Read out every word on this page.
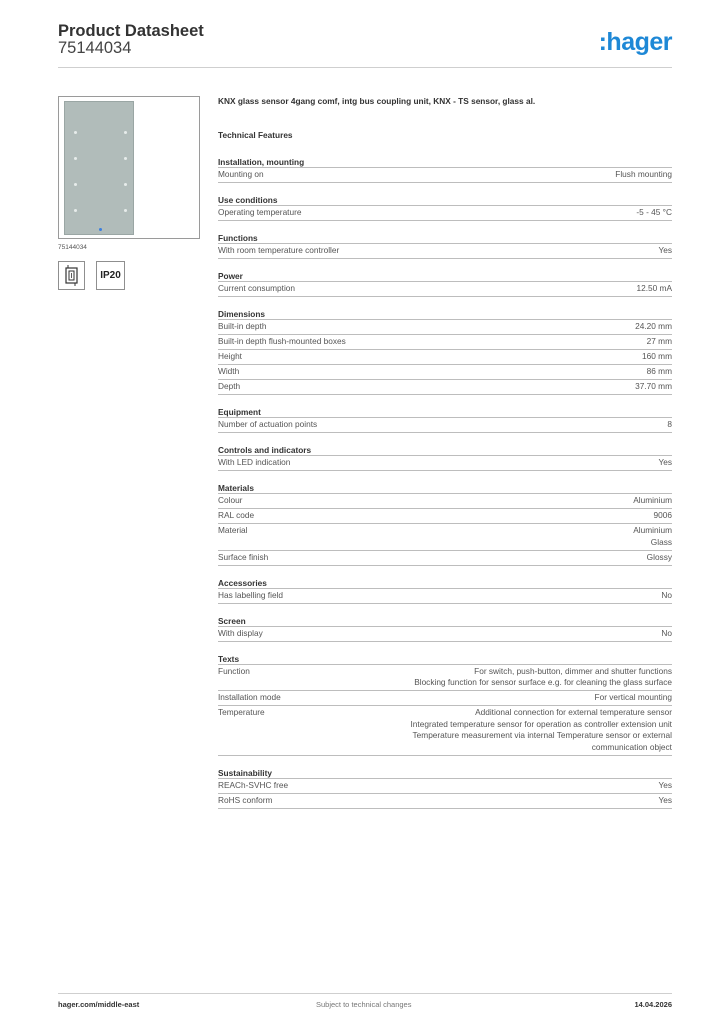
Product Datasheet
75144034	:hager
75144034
IP20
KNX glass sensor 4gang comf, intg bus coupling unit, KNX - TS sensor, glass al.
Technical Features
Installation, mounting
Mounting on	Flush mounting
Use conditions
Operating temperature	-5 - 45 °C
Functions
With room temperature controller	Yes
Power
Current consumption	12.50 mA
Dimensions
Built-in depth	24.20 mm
Built-in depth flush-mounted boxes	27 mm
Height	160 mm
Width	86 mm
Depth	37.70 mm
Equipment
Number of actuation points	8
Controls and indicators
With LED indication	Yes
Materials
Colour	Aluminium
RAL code	9006
Material	Aluminium
Glass
Surface finish	Glossy
Accessories
Has labelling field	No
Screen
With display	No
Texts
Function	For switch, push-button, dimmer and shutter functions
Blocking function for sensor surface e.g. for cleaning the glass surface
Installation mode	For vertical mounting
Temperature	Additional connection for external temperature sensor
Integrated temperature sensor for operation as controller extension unit
Temperature measurement via internal Temperature sensor or external communication object
Sustainability
REACh-SVHC free	Yes
RoHS conform	Yes
hager.com/middle-east	Subject to technical changes	14.04.2026
